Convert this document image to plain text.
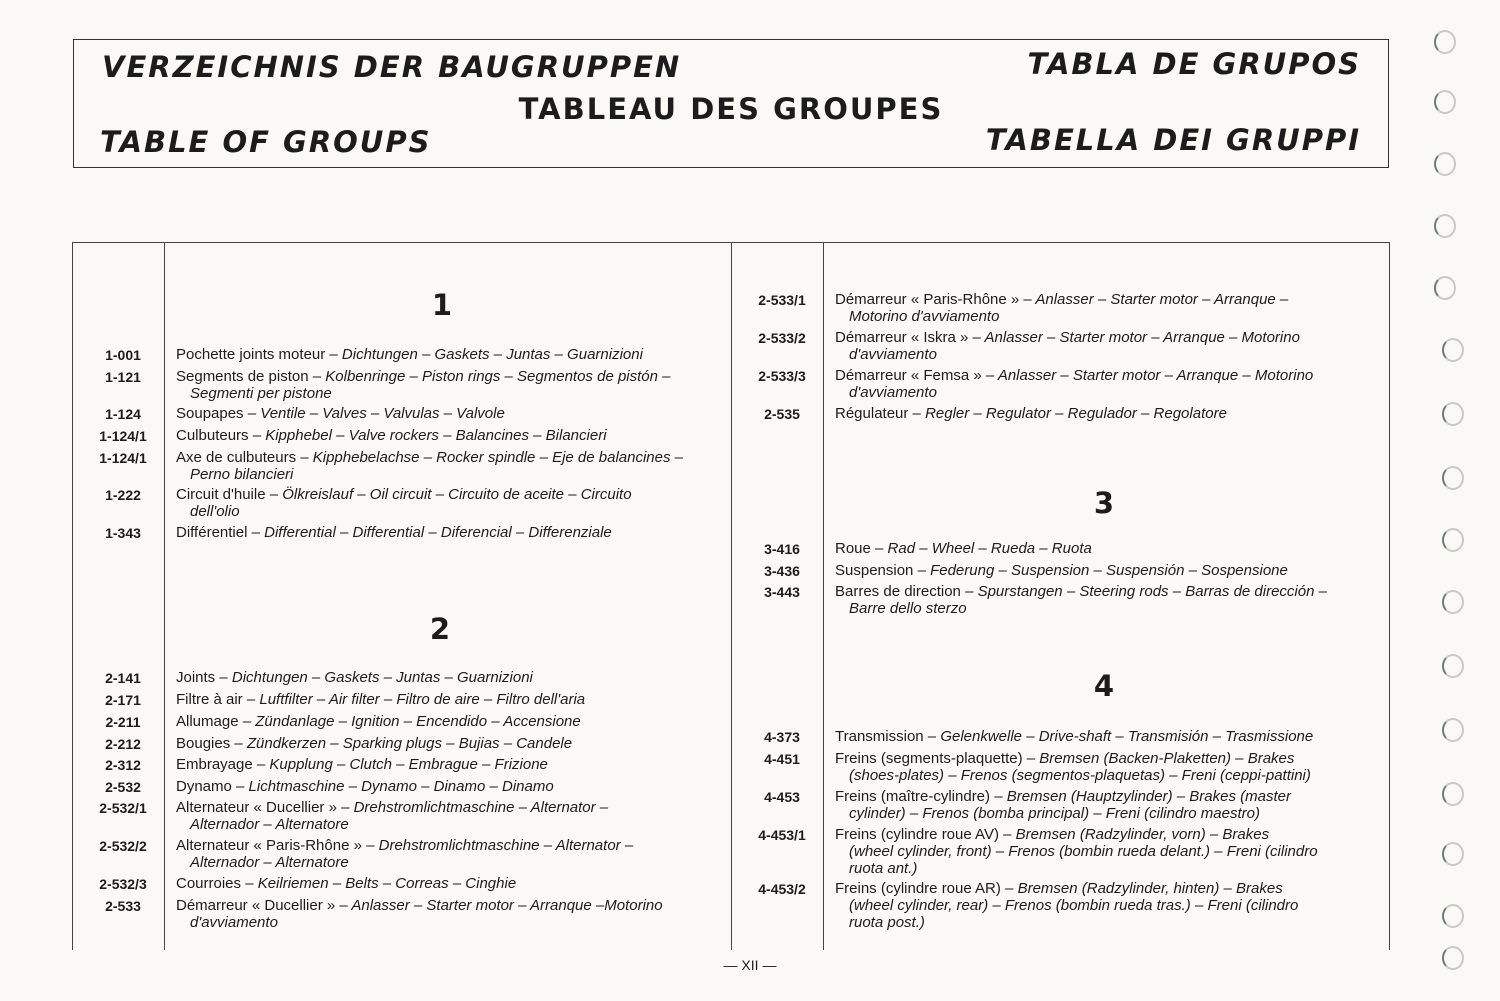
VERZEICHNIS DER BAUGRUPPEN	TABLA DE GRUPOS
TABLEAU DES GROUPES
TABLE OF GROUPS	TABELLA DEI GRUPPI
1
2
3
4
1-001	Pochette joints moteur – Dichtungen – Gaskets – Juntas – Guarnizioni
1-121	Segments de piston – Kolbenringe – Piston rings – Segmentos de pistón –
Segmenti per pistone
1-124	Soupapes – Ventile – Valves – Valvulas – Valvole
1-124/1	Culbuteurs – Kipphebel – Valve rockers – Balancines – Bilancieri
1-124/1	Axe de culbuteurs – Kipphebelachse – Rocker spindle – Eje de balancines –
Perno bilancieri
1-222	Circuit d'huile – Ölkreislauf – Oil circuit – Circuito de aceite – Circuito
dell'olio
1-343	Différentiel – Differential – Differential – Diferencial – Differenziale
2-141	Joints – Dichtungen – Gaskets – Juntas – Guarnizioni
2-171	Filtre à air – Luftfilter – Air filter – Filtro de aire – Filtro dell'aria
2-211	Allumage – Zündanlage – Ignition – Encendido – Accensione
2-212	Bougies – Zündkerzen – Sparking plugs – Bujias – Candele
2-312	Embrayage – Kupplung – Clutch – Embrague – Frizione
2-532	Dynamo – Lichtmaschine – Dynamo – Dinamo – Dinamo
2-532/1	Alternateur « Ducellier » – Drehstromlichtmaschine – Alternator –
Alternador – Alternatore
2-532/2	Alternateur « Paris-Rhône » – Drehstromlichtmaschine – Alternator –
Alternador – Alternatore
2-532/3	Courroies – Keilriemen – Belts – Correas – Cinghie
2-533	Démarreur « Ducellier » – Anlasser – Starter motor – Arranque –Motorino
d'avviamento
2-533/1	Démarreur « Paris-Rhône » – Anlasser – Starter motor – Arranque –
Motorino d'avviamento
2-533/2	Démarreur « Iskra » – Anlasser – Starter motor – Arranque – Motorino
d'avviamento
2-533/3	Démarreur « Femsa » – Anlasser – Starter motor – Arranque – Motorino
d'avviamento
2-535	Régulateur – Regler – Regulator – Regulador – Regolatore
3-416	Roue – Rad – Wheel – Rueda – Ruota
3-436	Suspension – Federung – Suspension – Suspensión – Sospensione
3-443	Barres de direction – Spurstangen – Steering rods – Barras de dirección –
Barre dello sterzo
4-373	Transmission – Gelenkwelle – Drive-shaft – Transmisión – Trasmissione
4-451	Freins (segments-plaquette) – Bremsen (Backen-Plaketten) – Brakes
(shoes-plates) – Frenos (segmentos-plaquetas) – Freni (ceppi-pattini)
4-453	Freins (maître-cylindre) – Bremsen (Hauptzylinder) – Brakes (master
cylinder) – Frenos (bomba principal) – Freni (cilindro maestro)
4-453/1	Freins (cylindre roue AV) – Bremsen (Radzylinder, vorn) – Brakes
(wheel cylinder, front) – Frenos (bombin rueda delant.) – Freni (cilindro
ruota ant.)
4-453/2	Freins (cylindre roue AR) – Bremsen (Radzylinder, hinten) – Brakes
(wheel cylinder, rear) – Frenos (bombin rueda tras.) – Freni (cilindro
ruota post.)
— XII —
